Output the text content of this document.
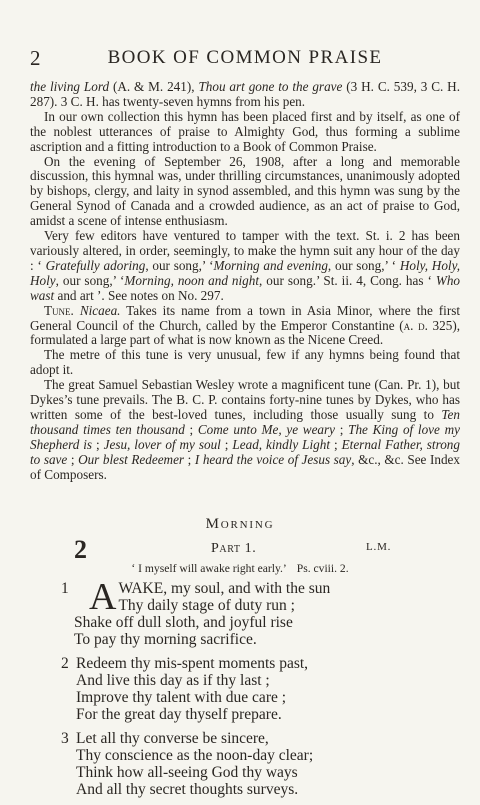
2	BOOK OF COMMON PRAISE

the living Lord (A. & M. 241), Thou art gone to the grave (3 H. C. 539, 3 C. H. 287). 3 C. H. has twenty-seven hymns from his pen.

In our own collection this hymn has been placed first and by itself, as one of the noblest utterances of praise to Almighty God, thus forming a sublime ascription and a fitting introduction to a Book of Common Praise.

On the evening of September 26, 1908, after a long and memorable discussion, this hymnal was, under thrilling circumstances, unanimously adopted by bishops, clergy, and laity in synod assembled, and this hymn was sung by the General Synod of Canada and a crowded audience, as an act of praise to God, amidst a scene of intense enthusiasm.

Very few editors have ventured to tamper with the text. St. i. 2 has been variously altered, in order, seemingly, to make the hymn suit any hour of the day : ‘ Gratefully adoring, our song,’ ‘Morning and evening, our song,’ ‘ Holy, Holy, Holy, our song,’ ‘Morning, noon and night, our song.’ St. ii. 4, Cong. has ‘ Who wast and art ’. See notes on No. 297.

Tune. Nicaea. Takes its name from a town in Asia Minor, where the first General Council of the Church, called by the Emperor Constantine (a. d. 325), formulated a large part of what is now known as the Nicene Creed.

The metre of this tune is very unusual, few if any hymns being found that adopt it.

The great Samuel Sebastian Wesley wrote a magnificent tune (Can. Pr. 1), but Dykes’s tune prevails. The B. C. P. contains forty-nine tunes by Dykes, who has written some of the best-loved tunes, including those usually sung to Ten thousand times ten thousand ; Come unto Me, ye weary ; The King of love my Shepherd is ; Jesu, lover of my soul ; Lead, kindly Light ; Eternal Father, strong to save ; Our blest Redeemer ; I heard the voice of Jesus say, &c., &c. See Index of Composers.

Morning
2	Part 1.	L.M.
‘ I myself will awake right early.’ Ps. cviii. 2.
1 A WAKE, my soul, and with the sun
Thy daily stage of duty run ;
Shake off dull sloth, and joyful rise
To pay thy morning sacrifice.
2 Redeem thy mis-spent moments past,
And live this day as if thy last ;
Improve thy talent with due care ;
For the great day thyself prepare.
3 Let all thy converse be sincere,
Thy conscience as the noon-day clear;
Think how all-seeing God thy ways
And all thy secret thoughts surveys.
